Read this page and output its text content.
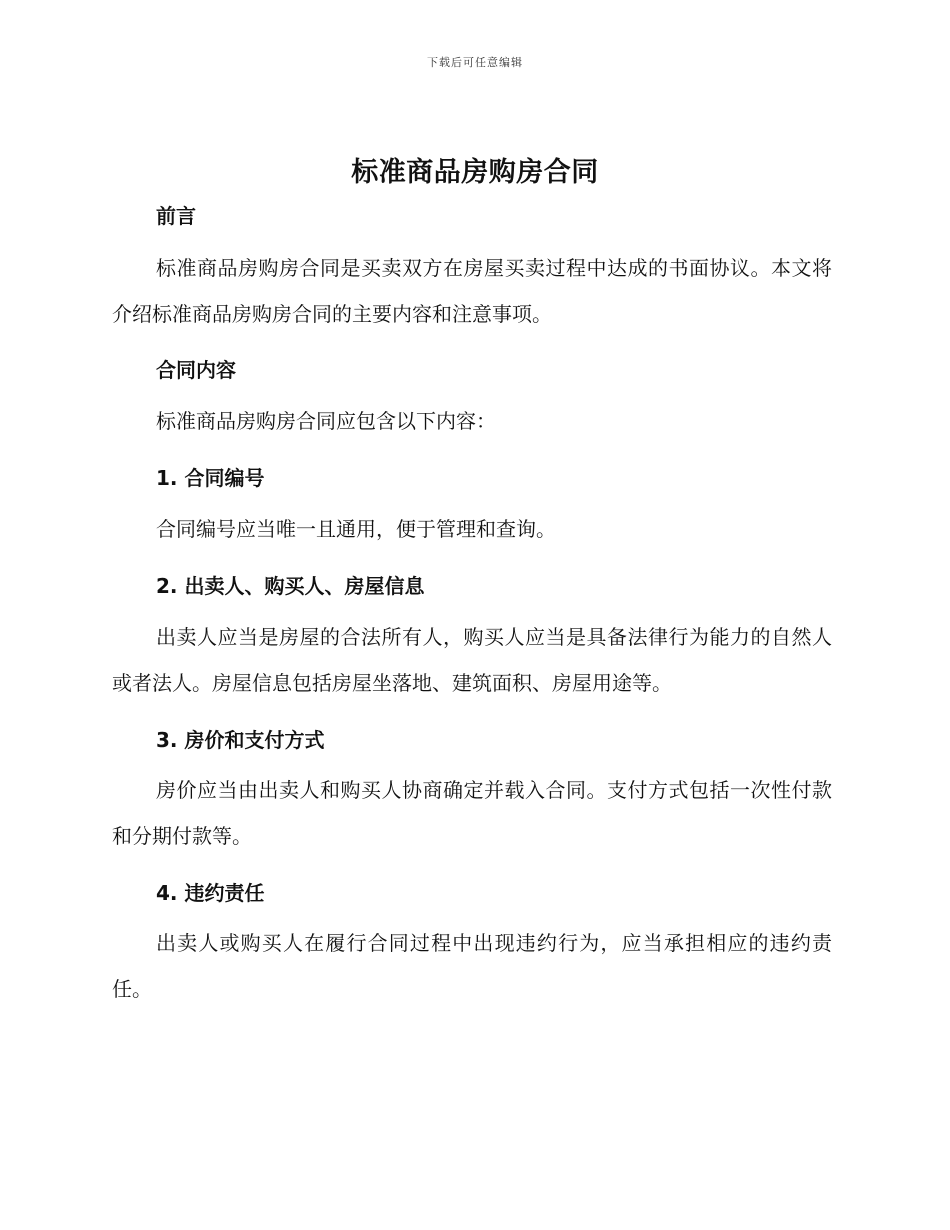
下载后可任意编辑
标准商品房购房合同
前言

标准商品房购房合同是买卖双方在房屋买卖过程中达成的书面协议。本文将介绍标准商品房购房合同的主要内容和注意事项。

合同内容

标准商品房购房合同应包含以下内容：

1. 合同编号

合同编号应当唯一且通用，便于管理和查询。

2. 出卖人、购买人、房屋信息

出卖人应当是房屋的合法所有人，购买人应当是具备法律行为能力的自然人或者法人。房屋信息包括房屋坐落地、建筑面积、房屋用途等。

3. 房价和支付方式

房价应当由出卖人和购买人协商确定并载入合同。支付方式包括一次性付款和分期付款等。

4. 违约责任

出卖人或购买人在履行合同过程中出现违约行为，应当承担相应的违约责任。
